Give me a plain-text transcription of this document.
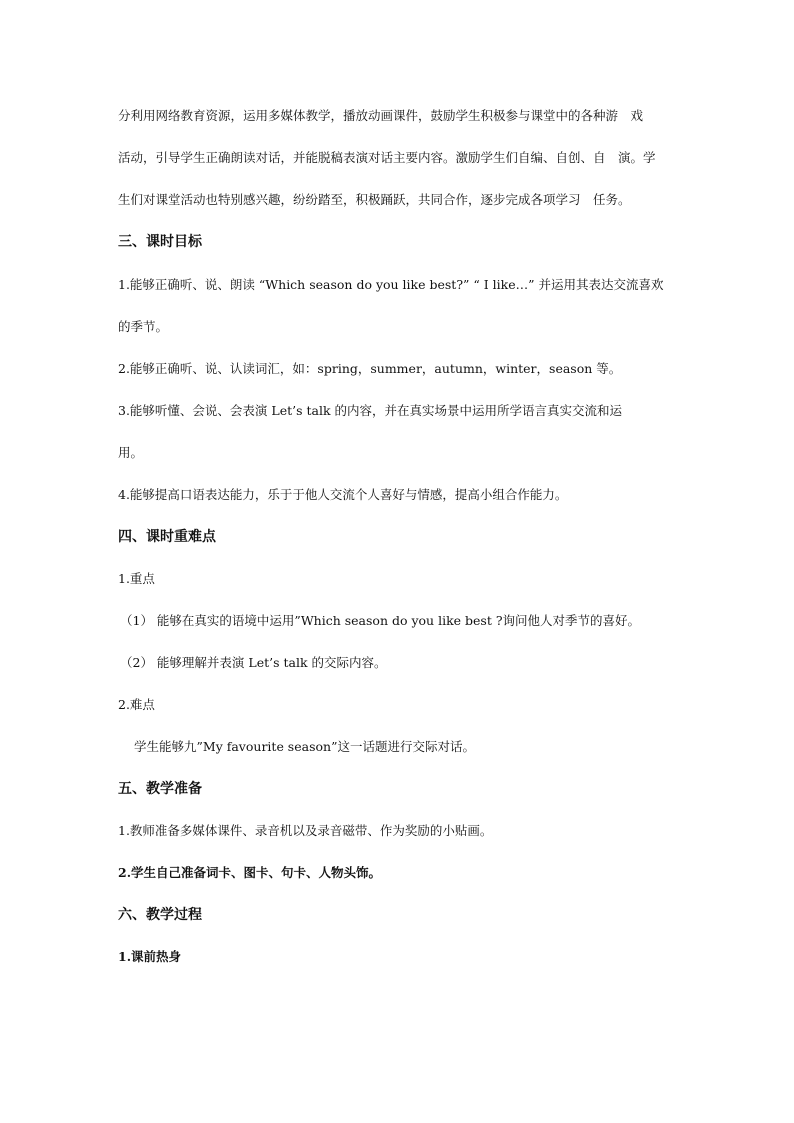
分利用网络教育资源，运用多媒体教学，播放动画课件，鼓励学生积极参与课堂中的各种游　戏
活动，引导学生正确朗读对话，并能脱稿表演对话主要内容。激励学生们自编、自创、自　演。学
生们对课堂活动也特别感兴趣，纷纷踏至，积极踊跃，共同合作，逐步完成各项学习　任务。
三、课时目标
1.能够正确听、说、朗读 “Which season do you like best?” “ I like…” 并运用其表达交流喜欢
的季节。
2.能够正确听、说、认读词汇，如：spring，summer，autumn，winter，season 等。
3.能够听懂、会说、会表演 Let’s talk 的内容，并在真实场景中运用所学语言真实交流和运
用。
4.能够提高口语表达能力，乐于于他人交流个人喜好与情感，提高小组合作能力。
四、课时重难点
1.重点
（1） 能够在真实的语境中运用”Which season do you like best ?询问他人对季节的喜好。
（2） 能够理解并表演 Let’s talk 的交际内容。
2.难点
学生能够九”My favourite season”这一话题进行交际对话。
五、教学准备
1.教师准备多媒体课件、录音机以及录音磁带、作为奖励的小贴画。
2.学生自己准备词卡、图卡、句卡、人物头饰。
六、教学过程
1.课前热身
